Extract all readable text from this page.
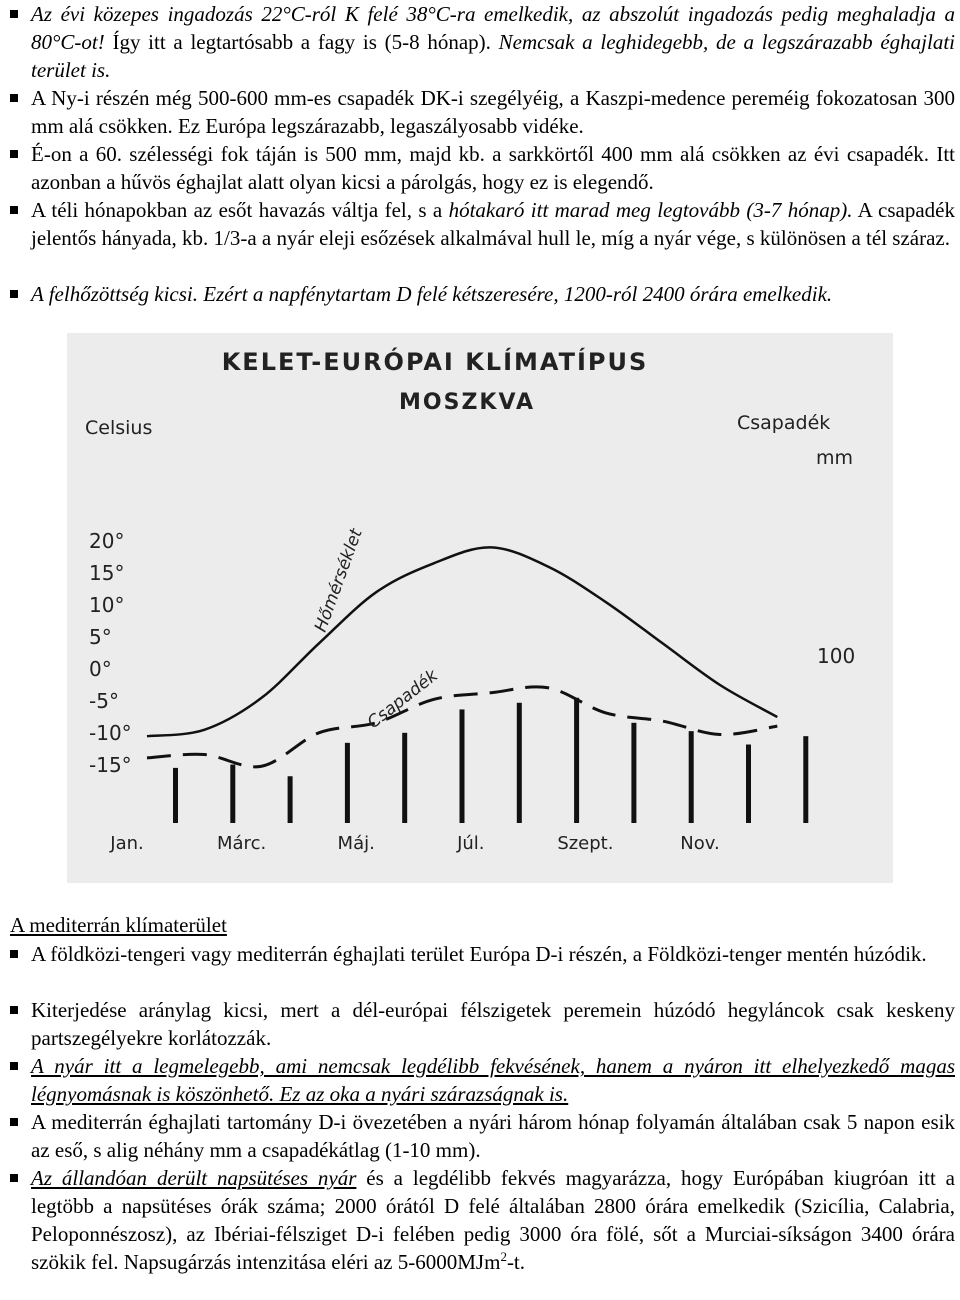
Az évi közepes ingadozás 22°C-ról K felé 38°C-ra emelkedik, az abszolút ingadozás pedig meghaladja a 80°C-ot! Így itt a legtartósabb a fagy is (5-8 hónap). Nemcsak a leghidegebb, de a legszárazabb éghajlati terület is.
A Ny-i részén még 500-600 mm-es csapadék DK-i szegélyéig, a Kaszpi-medence pereméig fokozatosan 300 mm alá csökken. Ez Európa legszárazabb, legaszályosabb vidéke.
É-on a 60. szélességi fok táján is 500 mm, majd kb. a sarkkörtől 400 mm alá csökken az évi csapadék. Itt azonban a hűvös éghajlat alatt olyan kicsi a párolgás, hogy ez is elegendő.
A téli hónapokban az esőt havazás váltja fel, s a hótakaró itt marad meg legtovább (3-7 hónap). A csapadék jelentős hányada, kb. 1/3-a a nyár eleji esőzések alkalmával hull le, míg a nyár vége, s különösen a tél száraz.
A felhőzöttség kicsi. Ezért a napfénytartam D felé kétszeresére, 1200-ról 2400 órára emelkedik.
KELET-EURÓPAI KLÍMATÍPUS
MOSZKVA
Celsius	Csapadék
mm
20°
15°
10°
5°
0°
-5°
-10°
-15°
100
Jan.	Márc.	Máj.	Júl.	Szept.	Nov.
Hőmérséklet
Csapadék
A mediterrán klímaterület
A földközi-tengeri vagy mediterrán éghajlati terület Európa D-i részén, a Földközi-tenger mentén húzódik.
Kiterjedése aránylag kicsi, mert a dél-európai félszigetek peremein húzódó hegyláncok csak keskeny partszegélyekre korlátozzák.
A nyár itt a legmelegebb, ami nemcsak legdélibb fekvésének, hanem a nyáron itt elhelyezkedő magas légnyomásnak is köszönhető. Ez az oka a nyári szárazságnak is.
A mediterrán éghajlati tartomány D-i övezetében a nyári három hónap folyamán általában csak 5 napon esik az eső, s alig néhány mm a csapadékátlag (1-10 mm).
Az állandóan derült napsütéses nyár és a legdélibb fekvés magyarázza, hogy Európában kiugróan itt a legtöbb a napsütéses órák száma; 2000 órától D felé általában 2800 órára emelkedik (Szicília, Calabria, Peloponnészosz), az Ibériai-félsziget D-i felében pedig 3000 óra fölé, sőt a Murciai-síkságon 3400 órára szökik fel. Napsugárzás intenzitása eléri az 5-6000MJm$^2$-t.
